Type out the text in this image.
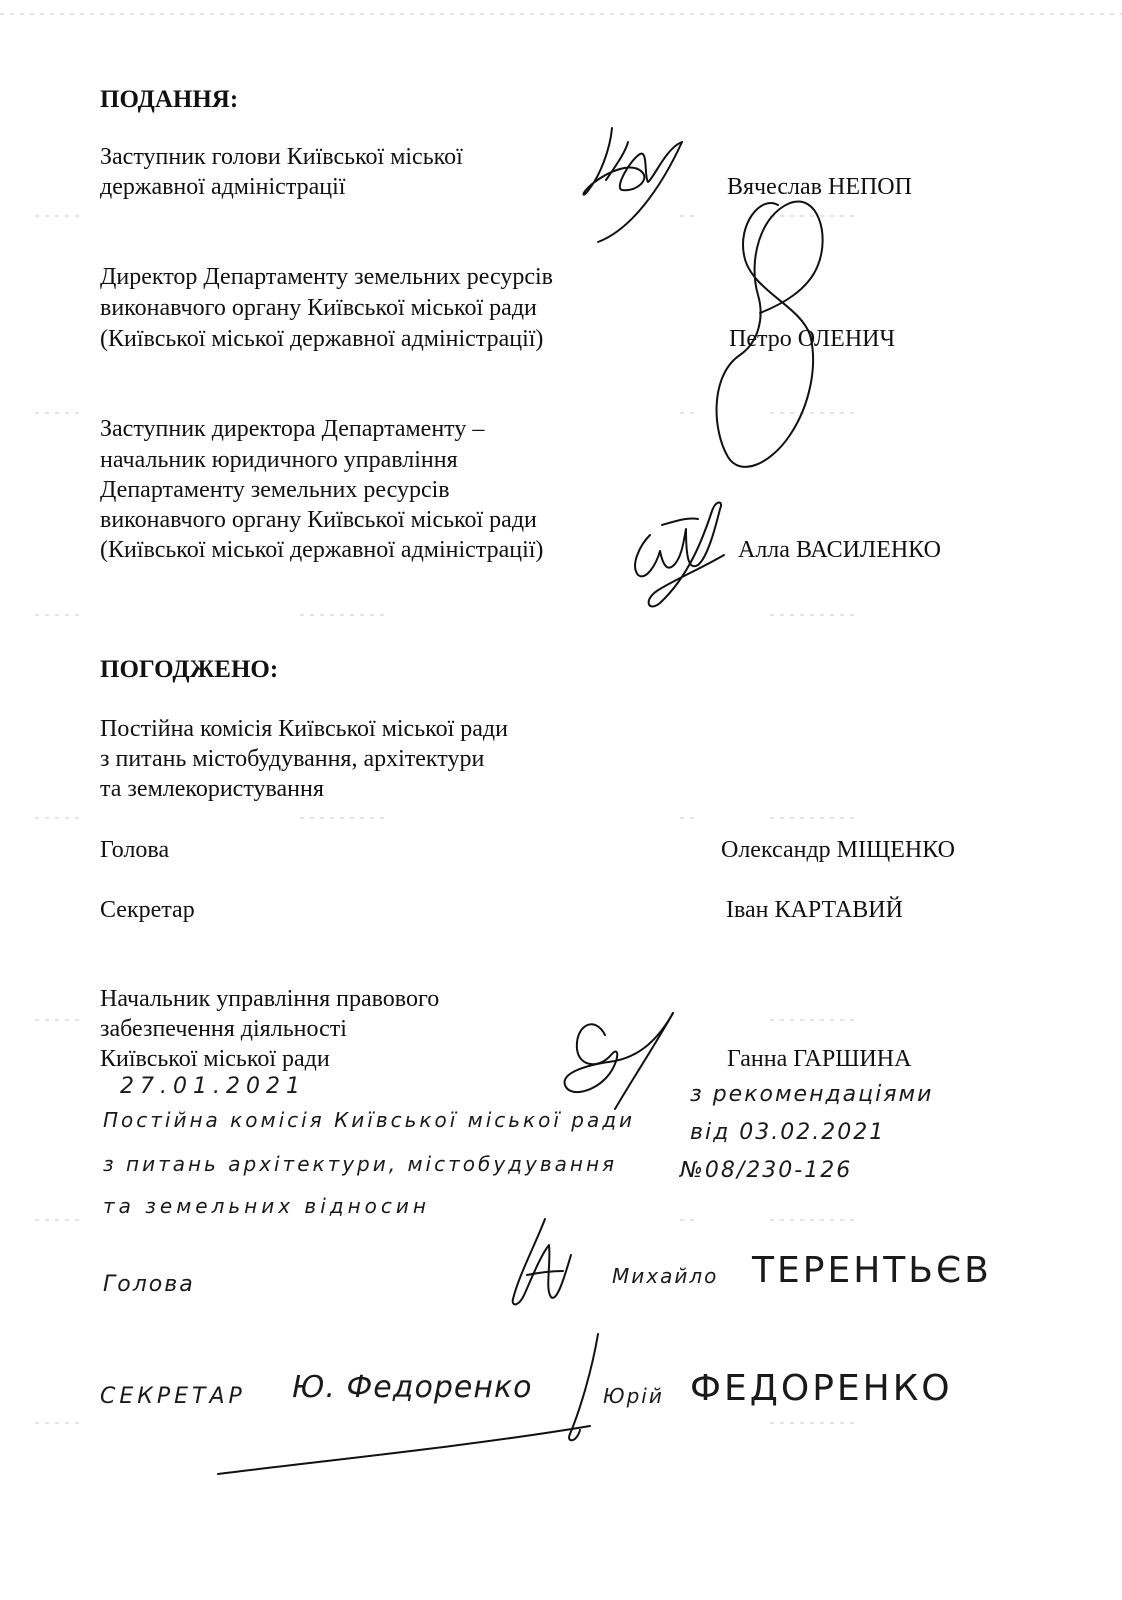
ПОДАННЯ:

Заступник голови Київської міської

державної адміністрації	Вячеслав НЕПОП

Директор Департаменту земельних ресурсів

виконавчого органу Київської міської ради

(Київської міської державної адміністрації)	Петро ОЛЕНИЧ

Заступник директора Департаменту –

начальник юридичного управління

Департаменту земельних ресурсів

виконавчого органу Київської міської ради

(Київської міської державної адміністрації)	Алла ВАСИЛЕНКО

ПОГОДЖЕНО:

Постійна комісія Київської міської ради

з питань містобудування, архітектури

та землекористування

Голова	Олександр МІЩЕНКО

Секретар	Іван КАРТАВИЙ

Начальник управління правового

забезпечення діяльності

Київської міської ради	Ганна ГАРШИНА
27.01.2021
Постійна комісія Київської міської ради
з питань архітектури, містобудування
та земельних відносин
з рекомендаціями
від 03.02.2021
№08/230-126
Голова	Михайло ТЕРЕНТЬЄВ
СЕКРЕТАР Ю. Федоренко	Юрій ФЕДОРЕНКО
